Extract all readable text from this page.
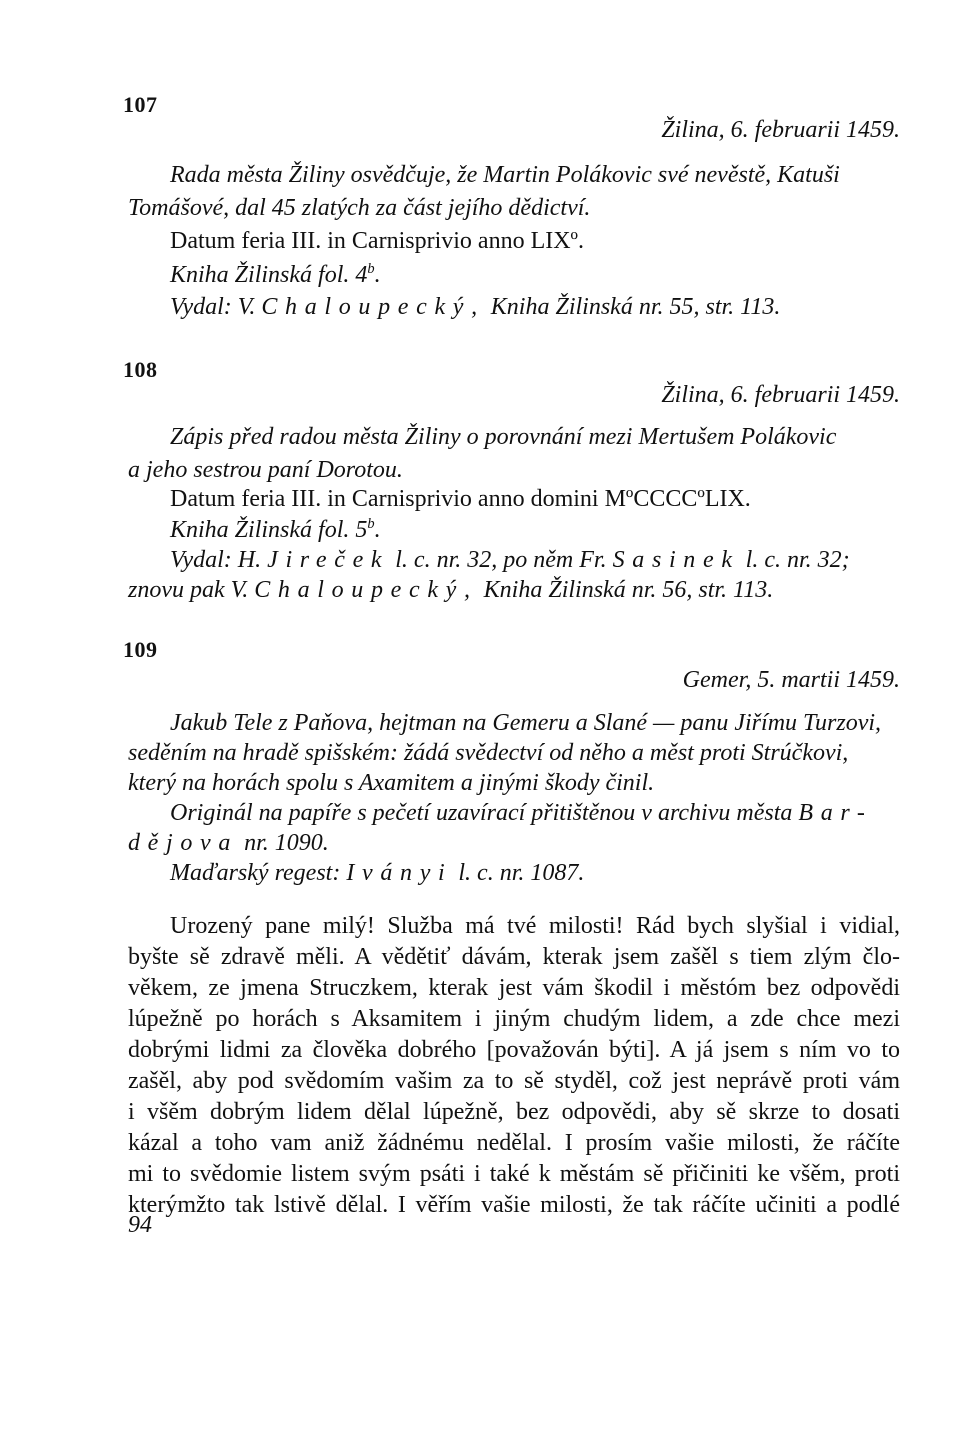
107
Žilina, 6. februarii 1459.
Rada města Žiliny osvědčuje, že Martin Polákovic své nevěstě, Katuši
Tomášové, dal 45 zlatých za část jejího dědictví.
Datum feria III. in Carnisprivio anno LIXº.
Kniha Žilinská fol. 4$^b$.
Vydal: V. Chaloupecký, Kniha Žilinská nr. 55, str. 113.
108
Žilina, 6. februarii 1459.
Zápis před radou města Žiliny o porovnání mezi Mertušem Polákovic
a jeho sestrou paní Dorotou.
Datum feria III. in Carnisprivio anno domini MºCCCCºLIX.
Kniha Žilinská fol. 5$^b$.
Vydal: H. Jireček l. c. nr. 32, po něm Fr. Sasinek l. c. nr. 32;
znovu pak V. Chaloupecký, Kniha Žilinská nr. 56, str. 113.
109
Gemer, 5. martii 1459.
Jakub Tele z Paňova, hejtman na Gemeru a Slané — panu Jiřímu Turzovi,
seděním na hradě spišském: žádá svědectví od něho a měst proti Strúčkovi,
který na horách spolu s Axamitem a jinými škody činil.
Originál na papíře s pečetí uzavírací přitištěnou v archivu města Bar-
dějova nr. 1090.
Maďarský regest: Iványi l. c. nr. 1087.
Urozený pane milý! Služba má tvé milosti! Rád bych slyšial i vidial,
byšte sě zdravě měli. A vědětiť dávám, kterak jsem zašěl s tiem zlým člo-
věkem, ze jmena Struczkem, kterak jest vám škodil i městóm bez odpovědi
lúpežně po horách s Aksamitem i jiným chudým lidem, a zde chce mezi
dobrými lidmi za člověka dobrého [považován býti]. A já jsem s ním vo to
zašěl, aby pod svědomím vašim za to sě styděl, což jest neprávě proti vám
i všěm dobrým lidem dělal lúpežně, bez odpovědi, aby sě skrze to dosati
kázal a toho vam aniž žádnému nedělal. I prosím vašie milosti, že ráčíte
mi to svědomie listem svým psáti i také k městám sě přičiniti ke všěm, proti
kterýmžto tak lstivě dělal. I věřím vašie milosti, že tak ráčíte učiniti a podlé
94
